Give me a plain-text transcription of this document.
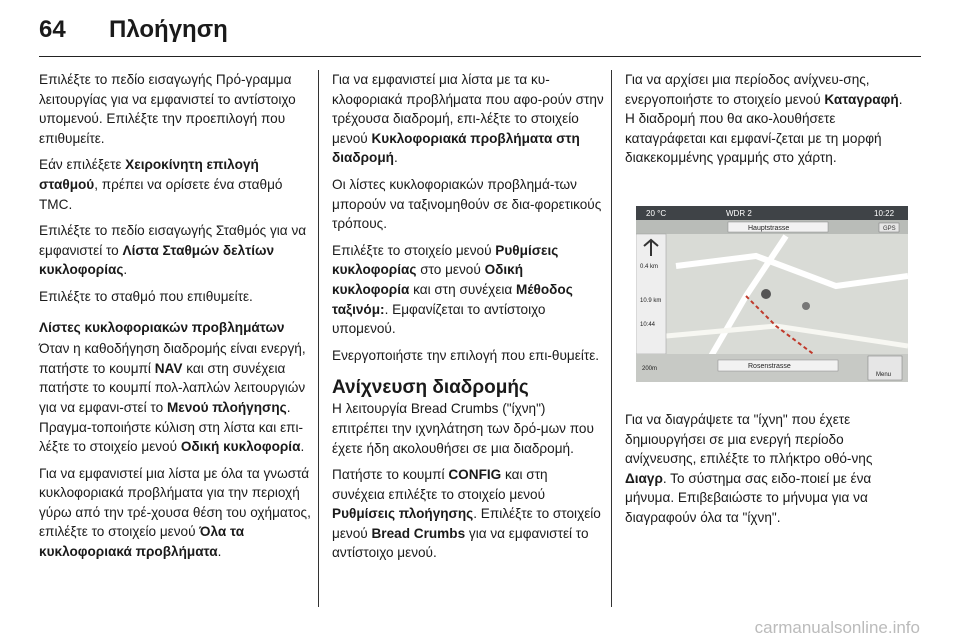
64 Πλοήγηση

Επιλέξτε το πεδίο εισαγωγής Πρό-γραμμα λειτουργίας για να εμφανιστεί το αντίστοιχο υπομενού. Επιλέξτε την προεπιλογή που επιθυμείτε.

Εάν επιλέξετε Χειροκίνητη επιλογή σταθμού, πρέπει να ορίσετε ένα σταθμό TMC.

Επιλέξτε το πεδίο εισαγωγής Σταθμός για να εμφανιστεί το Λίστα Σταθμών δελτίων κυκλοφορίας.

Επιλέξτε το σταθμό που επιθυμείτε.

Λίστες κυκλοφοριακών προβλημάτων

Όταν η καθοδήγηση διαδρομής είναι ενεργή, πατήστε το κουμπί NAV και στη συνέχεια πατήστε το κουμπί πολ-λαπλών λειτουργιών για να εμφανι-στεί το Μενού πλοήγησης. Πραγμα-τοποιήστε κύλιση στη λίστα και επι-λέξτε το στοιχείο μενού Οδική κυκλοφορία.

Για να εμφανιστεί μια λίστα με όλα τα γνωστά κυκλοφοριακά προβλήματα για την περιοχή γύρω από την τρέ-χουσα θέση του οχήματος, επιλέξτε το στοιχείο μενού Όλα τα κυκλοφοριακά προβλήματα.

Για να εμφανιστεί μια λίστα με τα κυ-κλοφοριακά προβλήματα που αφο-ρούν στην τρέχουσα διαδρομή, επι-λέξτε το στοιχείο μενού Κυκλοφοριακά προβλήματα στη διαδρομή.

Οι λίστες κυκλοφοριακών προβλημά-των μπορούν να ταξινομηθούν σε δια-φορετικούς τρόπους.

Επιλέξτε το στοιχείο μενού Ρυθμίσεις κυκλοφορίας στο μενού Οδική κυκλοφορία και στη συνέχεια Μέθοδος ταξινόμ:. Εμφανίζεται το αντίστοιχο υπομενού.

Ενεργοποιήστε την επιλογή που επι-θυμείτε.

Ανίχνευση διαδρομής

Η λειτουργία Bread Crumbs ("ίχνη") επιτρέπει την ιχνηλάτηση των δρό-μων που έχετε ήδη ακολουθήσει σε μια διαδρομή.

Πατήστε το κουμπί CONFIG και στη συνέχεια επιλέξτε το στοιχείο μενού Ρυθμίσεις πλοήγησης. Επιλέξτε το στοιχείο μενού Bread Crumbs για να εμφανιστεί το αντίστοιχο μενού.

Για να αρχίσει μια περίοδος ανίχνευ-σης, ενεργοποιήστε το στοιχείο μενού Καταγραφή. Η διαδρομή που θα ακο-λουθήσετε καταγράφεται και εμφανί-ζεται με τη μορφή διακεκομμένης γραμμής στο χάρτη.

20 °C	WDR 2	10:22
Hauptstrasse	GPS
0.4 km
10.9 km
10:44
200m	Rosenstrasse
Menu

Για να διαγράψετε τα "ίχνη" που έχετε δημιουργήσει σε μια ενεργή περίοδο ανίχνευσης, επιλέξτε το πλήκτρο οθό-νης Διαγρ. Το σύστημα σας ειδο-ποιεί με ένα μήνυμα. Επιβεβαιώστε το μήνυμα για να διαγραφούν όλα τα "ίχνη".

carmanualsonline.info
